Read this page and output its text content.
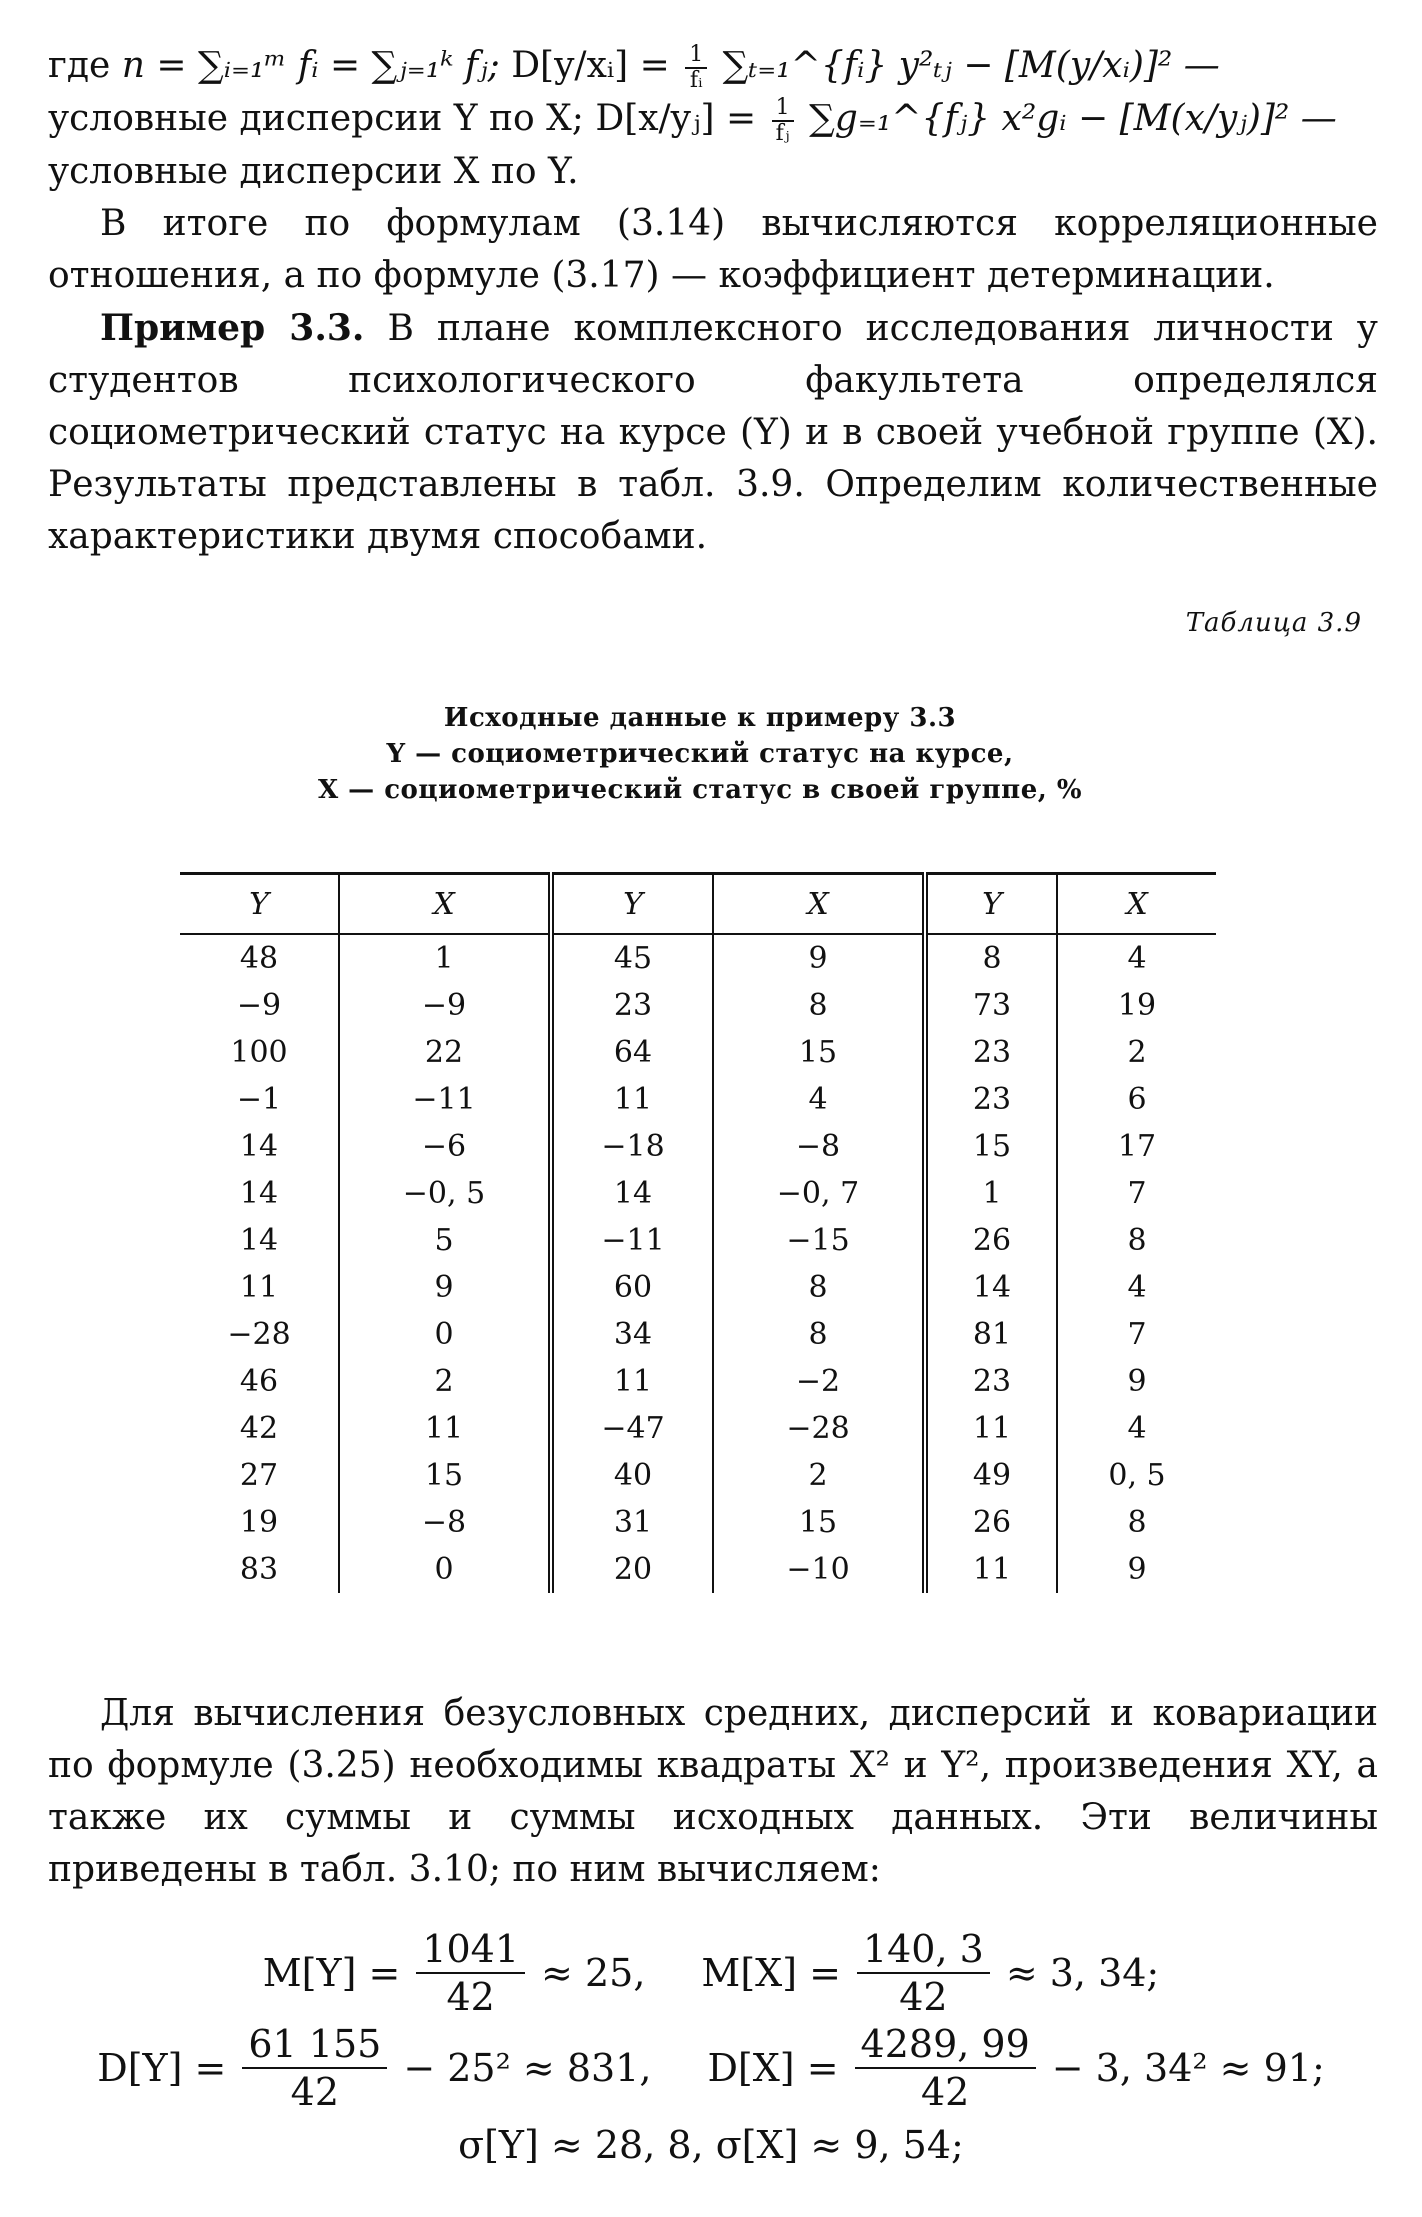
где n = ∑ᵢ₌₁ᵐ fᵢ = ∑ⱼ₌₁ᵏ fⱼ; D[y/xᵢ] = $\frac{1}{\text{fᵢ}}$ ∑ₜ₌₁^{fᵢ} y²ₜⱼ − [M(y/xᵢ)]² —

условные дисперсии Y по X; D[x/yⱼ] = $\frac{1}{\text{fⱼ}}$ ∑g₌₁^{fⱼ} x²gᵢ − [M(x/yⱼ)]² —

условные дисперсии X по Y.

В итоге по формулам (3.14) вычисляются корреляционные отношения, а по формуле (3.17) — коэффициент детерминации.

Пример 3.3. В плане комплексного исследования личности у студентов психологического факультета определялся социометрический статус на курсе (Y) и в своей учебной группе (X). Результаты представлены в табл. 3.9. Определим количественные характеристики двумя способами.

Таблица 3.9
Исходные данные к примеру 3.3
Y — социометрический статус на курсе,
X — социометрический статус в своей группе, %
Y	X	Y	X	Y	X
48	1	45	9	8	4
−9	−9	23	8	73	19
100	22	64	15	23	2
−1	−11	11	4	23	6
14	−6	−18	−8	15	17
14	−0, 5	14	−0, 7	1	7
14	5	−11	−15	26	8
11	9	60	8	14	4
−28	0	34	8	81	7
46	2	11	−2	23	9
42	11	−47	−28	11	4
27	15	40	2	49	0, 5
19	−8	31	15	26	8
83	0	20	−10	11	9

Для вычисления безусловных средних, дисперсий и ковариации по формуле (3.25) необходимы квадраты X² и Y², произведения XY, а также их суммы и суммы исходных данных. Эти величины приведены в табл. 3.10; по ним вычисляем:

$M[Y] = \frac{1041}{42} \approx 25$, $M[X] = \frac{140, 3}{42} \approx 3$, 34;
$D[Y] = \frac{61 155}{42} - 25^2 \approx 831$, $D[X] = \frac{4289, 99}{42} - 3$, 34² ≈ 91;
σ[Y] ≈ 28, 8, σ[X] ≈ 9, 54;
